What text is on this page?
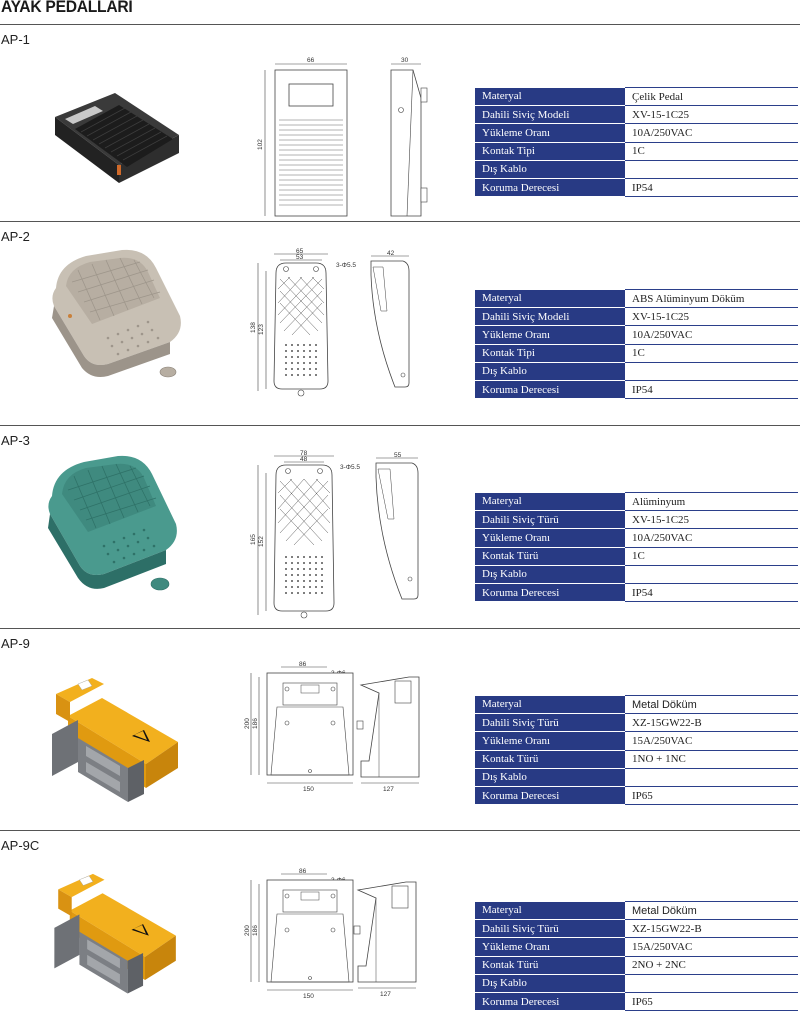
AYAK PEDALLARI
AP-1
66
102
30
Materyal	Çelik Pedal
Dahili Siviç Modeli	XV-15-1C25
Yükleme Oranı	10A/250VAC
Kontak Tipi	1C
Dış Kablo	
Koruma Derecesi	IP54
AP-2
65
53
3-Φ5.5
138 123
42
Materyal	ABS Alüminyum Döküm
Dahili Siviç Modeli	XV-15-1C25
Yükleme Oranı	10A/250VAC
Kontak Tipi	1C
Dış Kablo	
Koruma Derecesi	IP54
AP-3
78
48
3-Φ5.5
165 152
55
Materyal	Alüminyum
Dahili Siviç Türü	XV-15-1C25
Yükleme Oranı	10A/250VAC
Kontak Türü	1C
Dış Kablo	
Koruma Derecesi	IP54
AP-9
86
150
200 186
127
Materyal	Metal Döküm
Dahili Siviç Türü	XZ-15GW22-B
Yükleme Oranı	15A/250VAC
Kontak Türü	1NO + 1NC
Dış Kablo	
Koruma Derecesi	IP65
AP-9C
86
150
200 186
127
Materyal	Metal Döküm
Dahili Siviç Türü	XZ-15GW22-B
Yükleme Oranı	15A/250VAC
Kontak Türü	2NO + 2NC
Dış Kablo	
Koruma Derecesi	IP65
